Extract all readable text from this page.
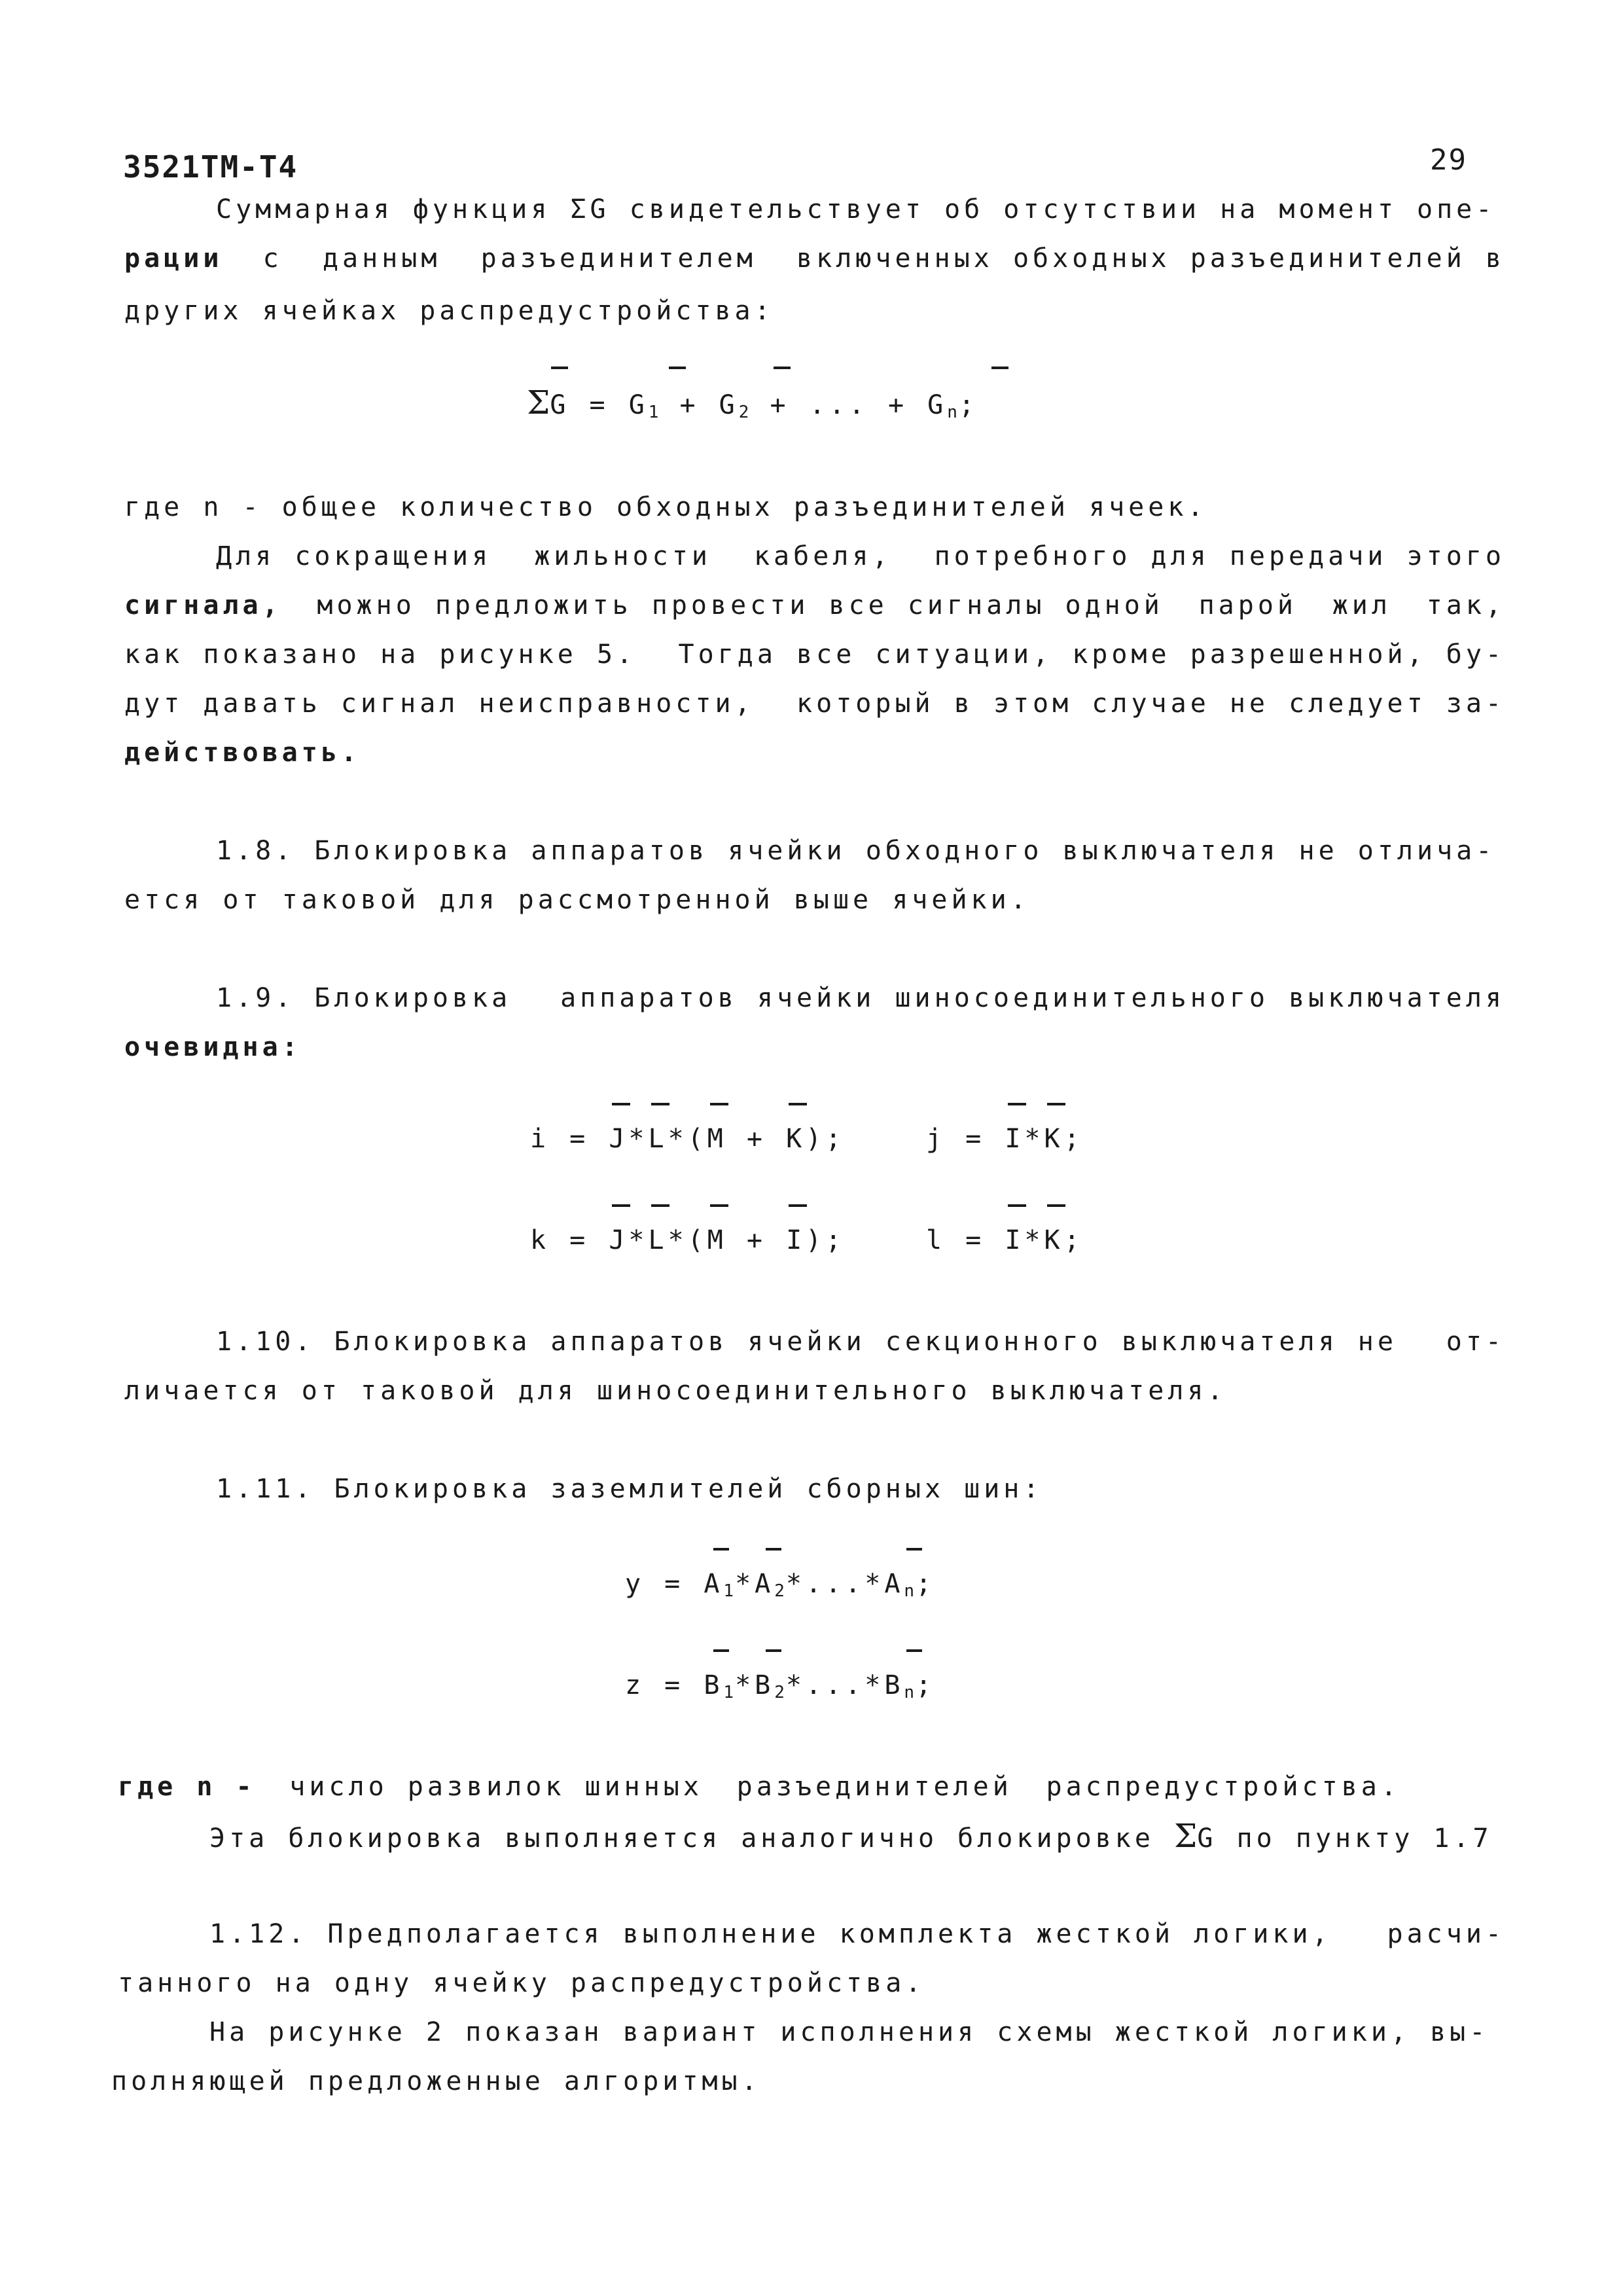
3521ТМ-Т4	29
Суммарная функция ΣG свидетельствует об отсутствии на момент опе-
рации с данным разъединителем включенных обходных разъединителей в
других ячейках распредустройства:
$\Sigma G = G_1 + G_2$ + ... + $G_n$;
где n - общее количество обходных разъединителей ячеек.
Для сокращения жильности кабеля, потребного для передачи этого
сигнала, можно предложить провести все сигналы одной парой жил так,
как показано на рисунке 5. Тогда все ситуации, кроме разрешенной, бу-
дут давать сигнал неисправности, который в этом случае не следует за-
действовать.
1.8. Блокировка аппаратов ячейки обходного выключателя не отлича-
ется от таковой для рассмотренной выше ячейки.
1.9. Блокировка аппаратов ячейки шиносоединительного выключателя
очевидна:
i = J*L*(M + K);	j = I*K;
k = J*L*(M + I);	l = I*K;
1.10. Блокировка аппаратов ячейки секционного выключателя не от-
личается от таковой для шиносоединительного выключателя.
1.11. Блокировка заземлителей сборных шин:
$y = A_1*A_2*...*A_n$;
$z = B_1*B_2*...*B_n$;
где n - число развилок шинных разъединителей распредустройства.
Эта блокировка выполняется аналогично блокировке ΣG по пункту 1.7
1.12. Предполагается выполнение комплекта жесткой логики, расчи-
танного на одну ячейку распредустройства.
На рисунке 2 показан вариант исполнения схемы жесткой логики, вы-
полняющей предложенные алгоритмы.
